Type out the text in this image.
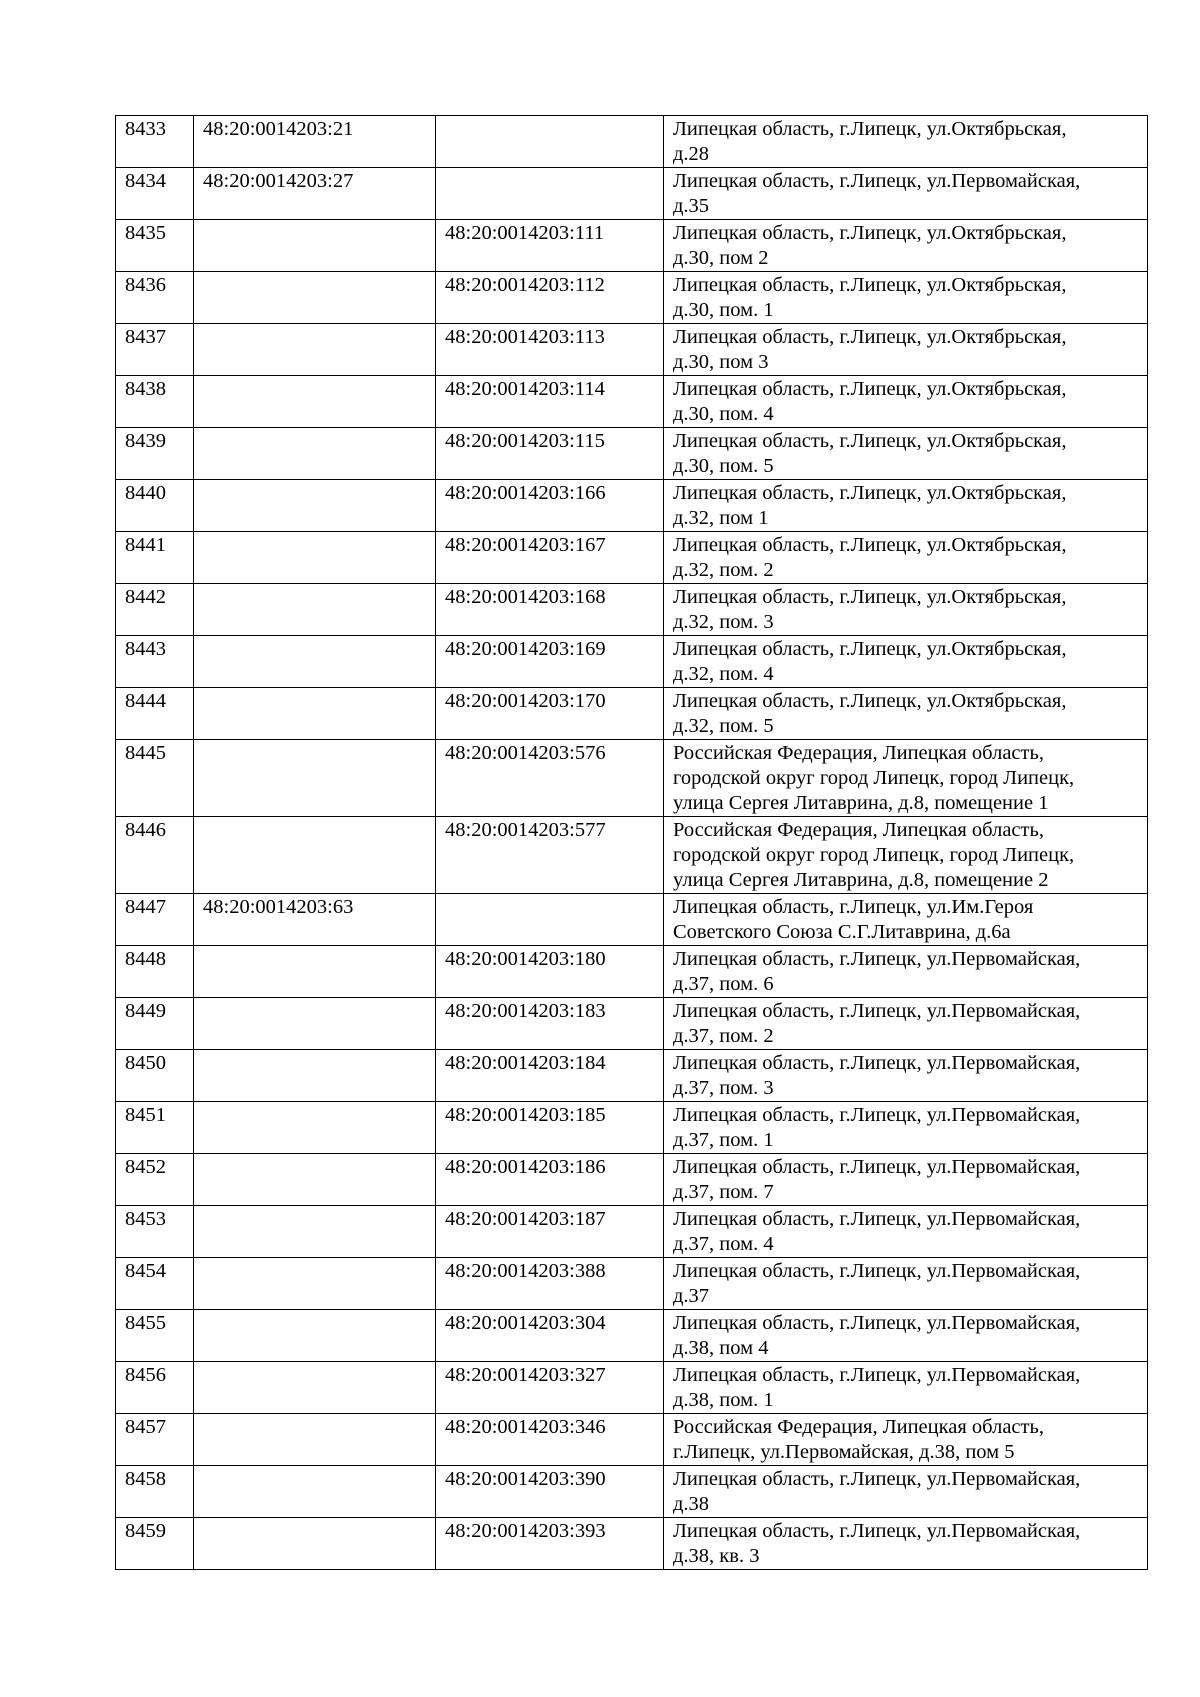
8433	48:20:0014203:21		Липецкая область, г.Липецк, ул.Октябрьская,
д.28
8434	48:20:0014203:27		Липецкая область, г.Липецк, ул.Первомайская,
д.35
8435		48:20:0014203:111	Липецкая область, г.Липецк, ул.Октябрьская,
д.30, пом 2
8436		48:20:0014203:112	Липецкая область, г.Липецк, ул.Октябрьская,
д.30, пом. 1
8437		48:20:0014203:113	Липецкая область, г.Липецк, ул.Октябрьская,
д.30, пом 3
8438		48:20:0014203:114	Липецкая область, г.Липецк, ул.Октябрьская,
д.30, пом. 4
8439		48:20:0014203:115	Липецкая область, г.Липецк, ул.Октябрьская,
д.30, пом. 5
8440		48:20:0014203:166	Липецкая область, г.Липецк, ул.Октябрьская,
д.32, пом 1
8441		48:20:0014203:167	Липецкая область, г.Липецк, ул.Октябрьская,
д.32, пом. 2
8442		48:20:0014203:168	Липецкая область, г.Липецк, ул.Октябрьская,
д.32, пом. 3
8443		48:20:0014203:169	Липецкая область, г.Липецк, ул.Октябрьская,
д.32, пом. 4
8444		48:20:0014203:170	Липецкая область, г.Липецк, ул.Октябрьская,
д.32, пом. 5
8445		48:20:0014203:576	Российская Федерация, Липецкая область,
городской округ город Липецк, город Липецк,
улица Сергея Литаврина, д.8, помещение 1
8446		48:20:0014203:577	Российская Федерация, Липецкая область,
городской округ город Липецк, город Липецк,
улица Сергея Литаврина, д.8, помещение 2
8447	48:20:0014203:63		Липецкая область, г.Липецк, ул.Им.Героя
Советского Союза С.Г.Литаврина, д.6а
8448		48:20:0014203:180	Липецкая область, г.Липецк, ул.Первомайская,
д.37, пом. 6
8449		48:20:0014203:183	Липецкая область, г.Липецк, ул.Первомайская,
д.37, пом. 2
8450		48:20:0014203:184	Липецкая область, г.Липецк, ул.Первомайская,
д.37, пом. 3
8451		48:20:0014203:185	Липецкая область, г.Липецк, ул.Первомайская,
д.37, пом. 1
8452		48:20:0014203:186	Липецкая область, г.Липецк, ул.Первомайская,
д.37, пом. 7
8453		48:20:0014203:187	Липецкая область, г.Липецк, ул.Первомайская,
д.37, пом. 4
8454		48:20:0014203:388	Липецкая область, г.Липецк, ул.Первомайская,
д.37
8455		48:20:0014203:304	Липецкая область, г.Липецк, ул.Первомайская,
д.38, пом 4
8456		48:20:0014203:327	Липецкая область, г.Липецк, ул.Первомайская,
д.38, пом. 1
8457		48:20:0014203:346	Российская Федерация, Липецкая область,
г.Липецк, ул.Первомайская, д.38, пом 5
8458		48:20:0014203:390	Липецкая область, г.Липецк, ул.Первомайская,
д.38
8459		48:20:0014203:393	Липецкая область, г.Липецк, ул.Первомайская,
д.38, кв. 3
